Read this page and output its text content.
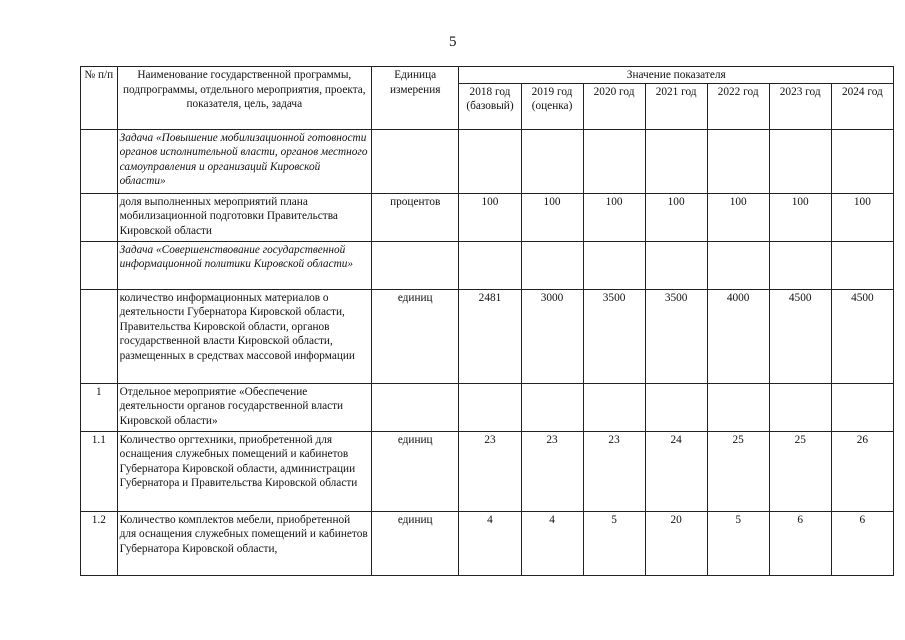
5
№ п/п	Наименование государственной программы, подпрограммы, отдельного мероприятия, проекта, показателя, цель, задача	Единица измерения	Значение показателя						
			2018 год (базовый)	2019 год (оценка)	2020 год	2021 год	2022 год	2023 год	2024 год
	Задача «Повышение мобилизационной готовности органов исполнительной власти, органов местного самоуправления и организаций Кировской области»								
	доля выполненных мероприятий плана мобилизационной подготовки Правительства Кировской области	процентов	100	100	100	100	100	100	100
	Задача «Совершенствование государственной информационной политики Кировской области»								
	количество информационных материалов о деятельности Губернатора Кировской области, Правительства Кировской области, органов государственной власти Кировской области, размещенных в средствах массовой информации	единиц	2481	3000	3500	3500	4000	4500	4500
1	Отдельное мероприятие «Обеспечение деятельности органов государственной власти Кировской области»								
1.1	Количество оргтехники, приобретенной для оснащения служебных помещений и кабинетов Губернатора Кировской области, администрации Губернатора и Правительства Кировской области	единиц	23	23	23	24	25	25	26
1.2	Количество комплектов мебели, приобретенной для оснащения служебных помещений и кабинетов Губернатора Кировской области,	единиц	4	4	5	20	5	6	6
